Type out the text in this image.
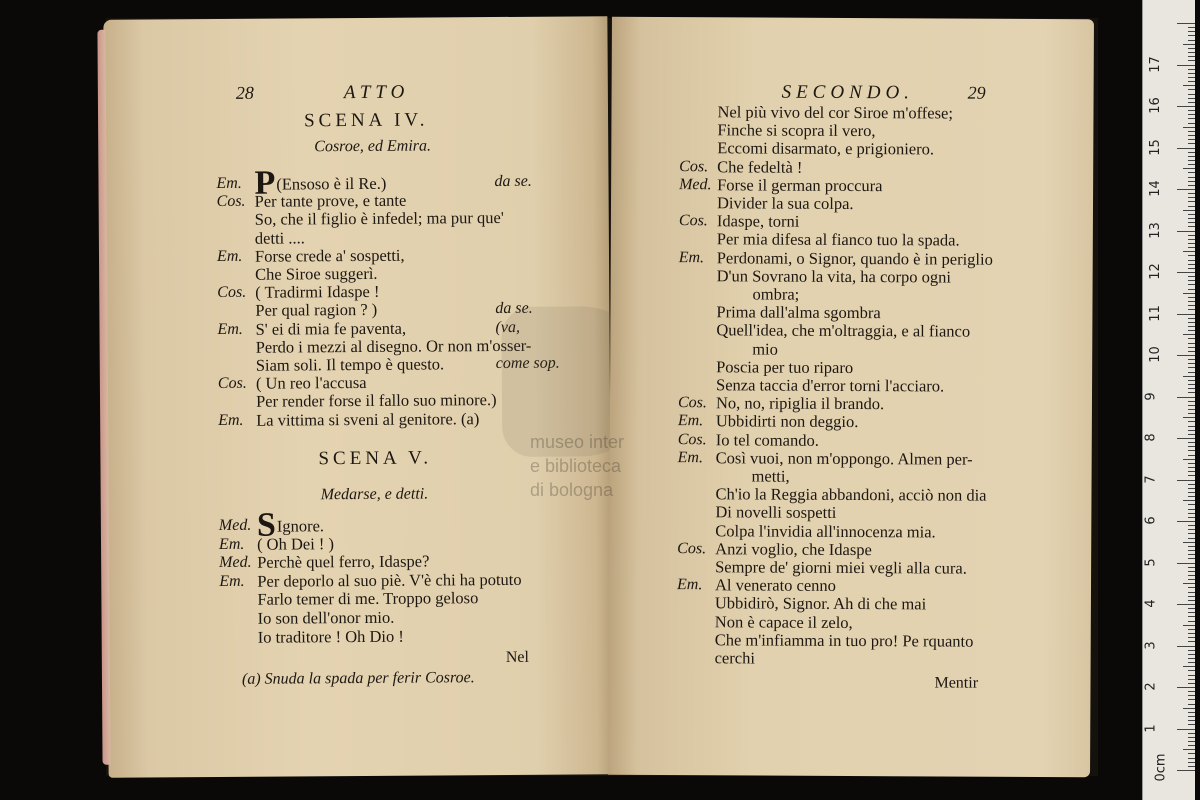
28	ATTO
SCENA IV.
Cosroe, ed Emira.
Em. P(Ensoso è il Re.)	da se.
Cos. Per tante prove, e tante
So, che il figlio è infedel; ma pur que'
detti ....
Em. Forse crede a' sospetti,
Che Siroe suggerì.
Cos. ( Tradirmi Idaspe !
Per qual ragion ? )	da se.
Em. S' ei di mia fe paventa,	(va,
Perdo i mezzi al disegno. Or non m'osser-
Siam soli. Il tempo è questo.	come sop.
Cos. ( Un reo l'accusa
Per render forse il fallo suo minore.)
Em. La vittima si sveni al genitore. (a)
SCENA V.
Medarse, e detti.
Med. SIgnore.
Em. ( Oh Dei ! )
Med. Perchè quel ferro, Idaspe?
Em. Per deporlo al suo piè. V'è chi ha potuto
Farlo temer di me. Troppo geloso
Io son dell'onor mio.
Io traditore ! Oh Dio !
Nel
(a) Snuda la spada per ferir Cosroe.
SECONDO.	29
Nel più vivo del cor Siroe m'offese;
Finche si scopra il vero,
Eccomi disarmato, e prigioniero.
Cos. Che fedeltà !
Med. Forse il german proccura
Divider la sua colpa.
Cos. Idaspe, torni
Per mia difesa al fianco tuo la spada.
Em. Perdonami, o Signor, quando è in periglio
D'un Sovrano la vita, ha corpo ogni
ombra;
Prima dall'alma sgombra
Quell'idea, che m'oltraggia, e al fianco
mio
Poscia per tuo riparo
Senza taccia d'error torni l'acciaro.
Cos. No, no, ripiglia il brando.
Em. Ubbidirti non deggio.
Cos. Io tel comando.
Em. Così vuoi, non m'oppongo. Almen per-
metti,
Ch'io la Reggia abbandoni, acciò non dia
Di novelli sospetti
Colpa l'invidia all'innocenza mia.
Cos. Anzi voglio, che Idaspe
Sempre de' giorni miei vegli alla cura.
Em. Al venerato cenno
Ubbidirò, Signor. Ah di che mai
Non è capace il zelo,
Che m'infiamma in tuo pro! Pe rquanto
cerchi
Mentir
museo inter
e biblioteca
di bologna
0cm
1
2
3
4
5
6
7
8
9
10
11
12
13
14
15
16
17
